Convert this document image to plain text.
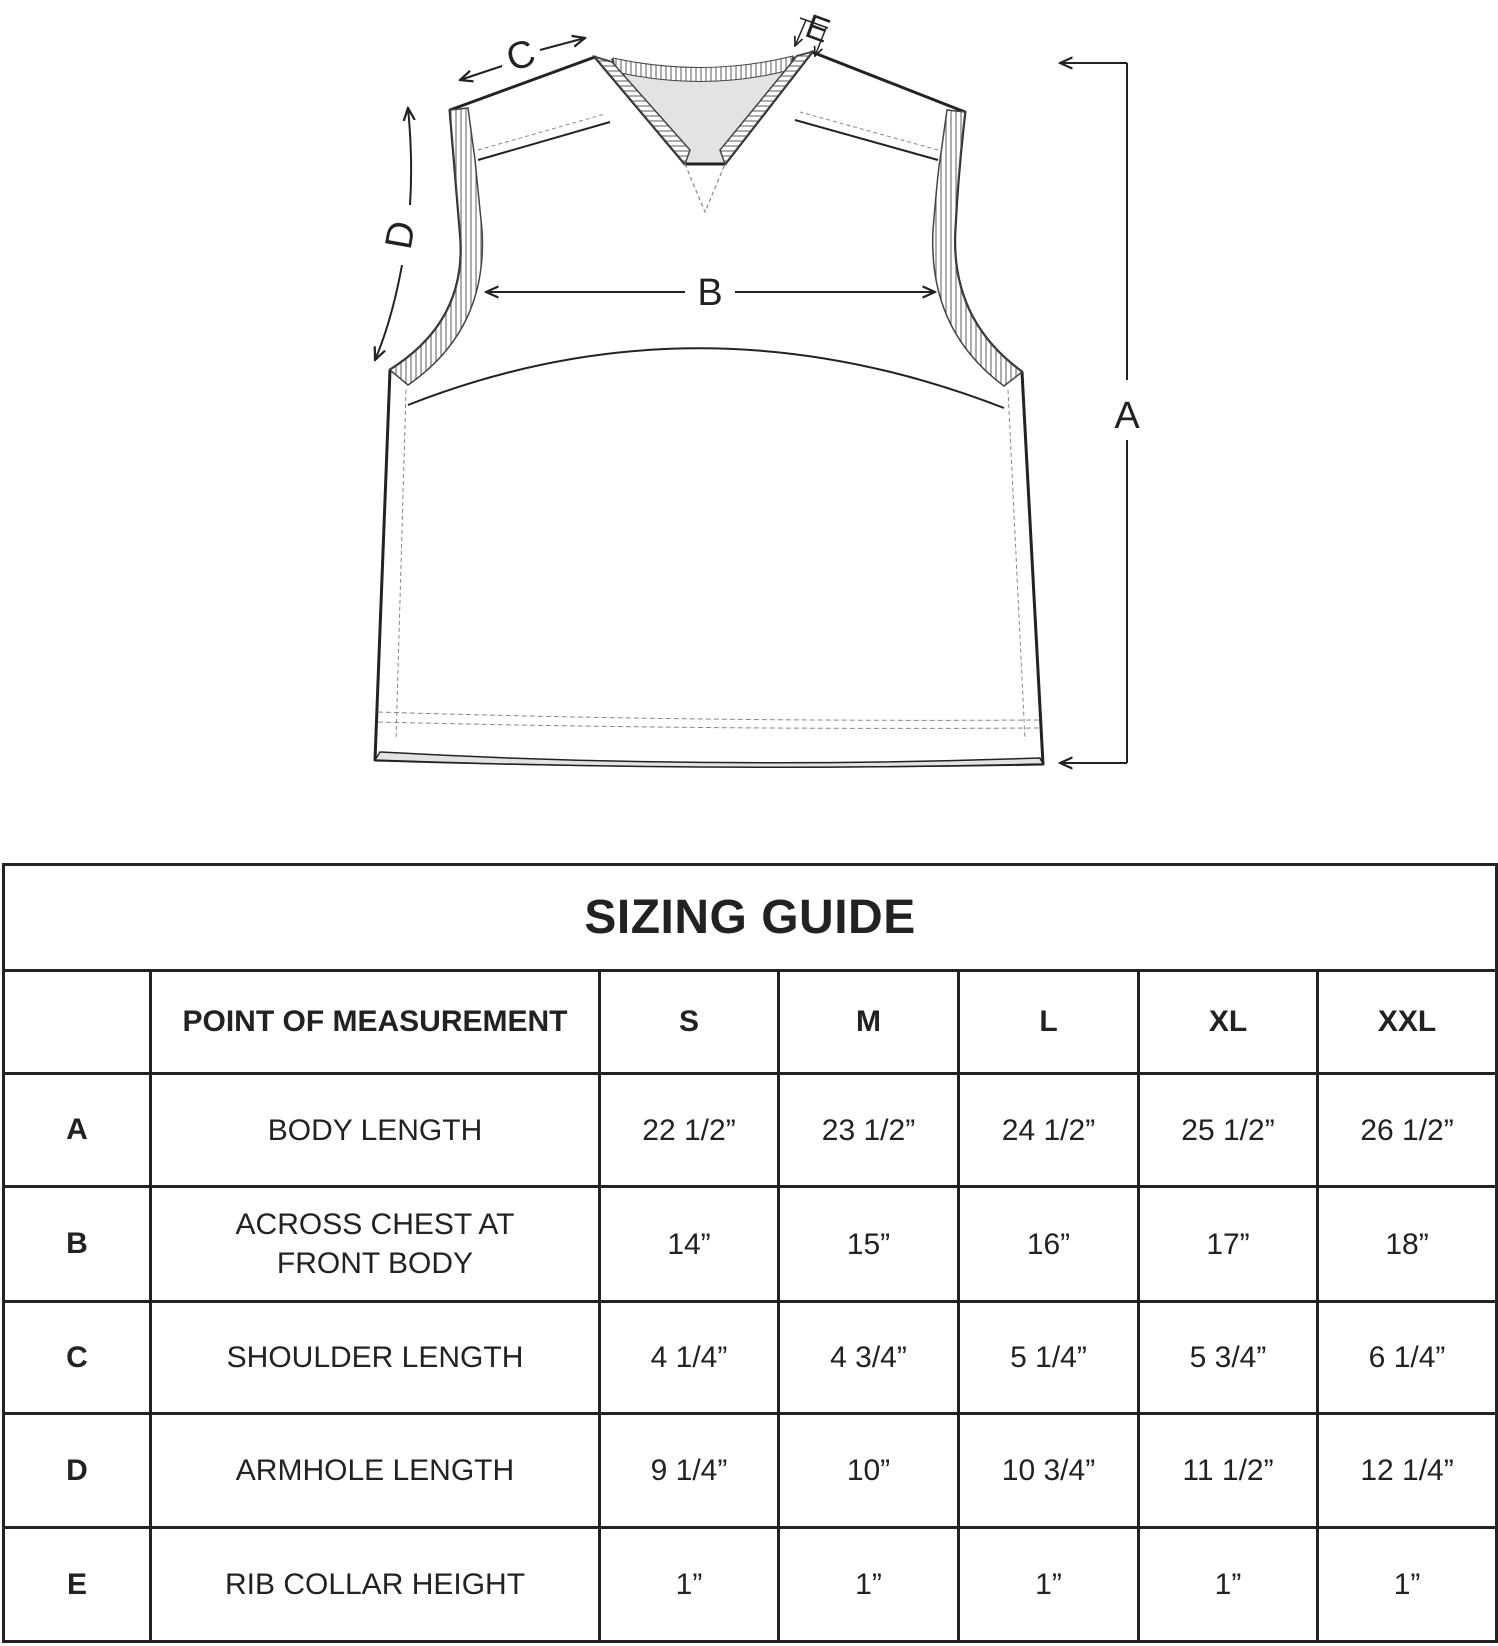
A
B
C
D
E
SIZING GUIDE						
	POINT OF MEASUREMENT	S	M	L	XL	XXL
A	BODY LENGTH	22 1/2”	23 1/2”	24 1/2”	25 1/2”	26 1/2”
B	ACROSS CHEST AT
FRONT BODY	14”	15”	16”	17”	18”
C	SHOULDER LENGTH	4 1/4”	4 3/4”	5 1/4”	5 3/4”	6 1/4”
D	ARMHOLE LENGTH	9 1/4”	10”	10 3/4”	11 1/2”	12 1/4”
E	RIB COLLAR HEIGHT	1”	1”	1”	1”	1”
